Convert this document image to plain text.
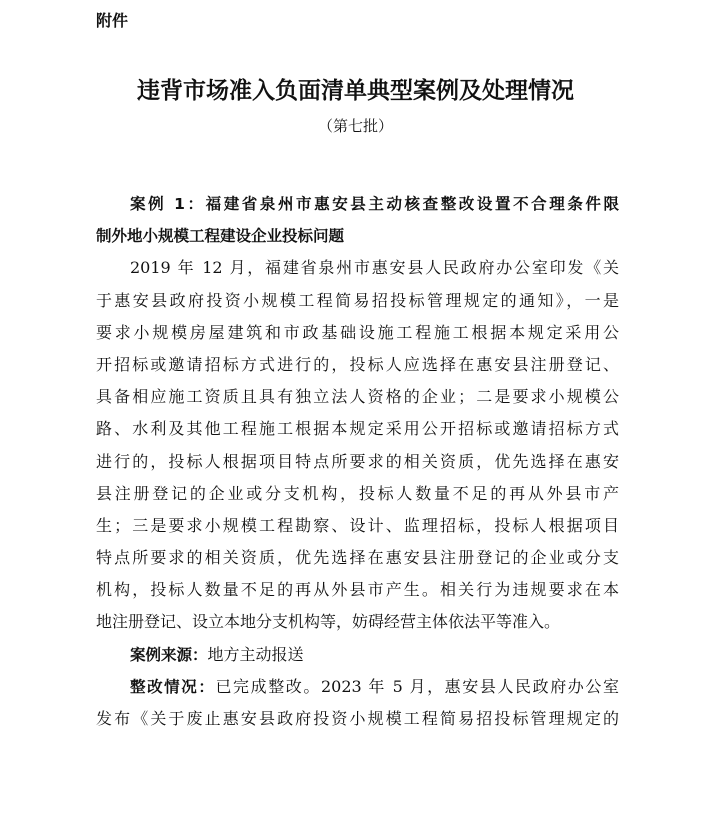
附件
违背市场准入负面清单典型案例及处理情况
（第七批）
案例 1：福建省泉州市惠安县主动核查整改设置不合理条件限
制外地小规模工程建设企业投标问题
2019 年 12 月，福建省泉州市惠安县人民政府办公室印发《关
于惠安县政府投资小规模工程简易招投标管理规定的通知》，一是
要求小规模房屋建筑和市政基础设施工程施工根据本规定采用公
开招标或邀请招标方式进行的，投标人应选择在惠安县注册登记、
具备相应施工资质且具有独立法人资格的企业；二是要求小规模公
路、水利及其他工程施工根据本规定采用公开招标或邀请招标方式
进行的，投标人根据项目特点所要求的相关资质，优先选择在惠安
县注册登记的企业或分支机构，投标人数量不足的再从外县市产
生；三是要求小规模工程勘察、设计、监理招标，投标人根据项目
特点所要求的相关资质，优先选择在惠安县注册登记的企业或分支
机构，投标人数量不足的再从外县市产生。相关行为违规要求在本
地注册登记、设立本地分支机构等，妨碍经营主体依法平等准入。
案例来源：地方主动报送
整改情况：已完成整改。2023 年 5 月，惠安县人民政府办公室
发布《关于废止惠安县政府投资小规模工程简易招投标管理规定的
